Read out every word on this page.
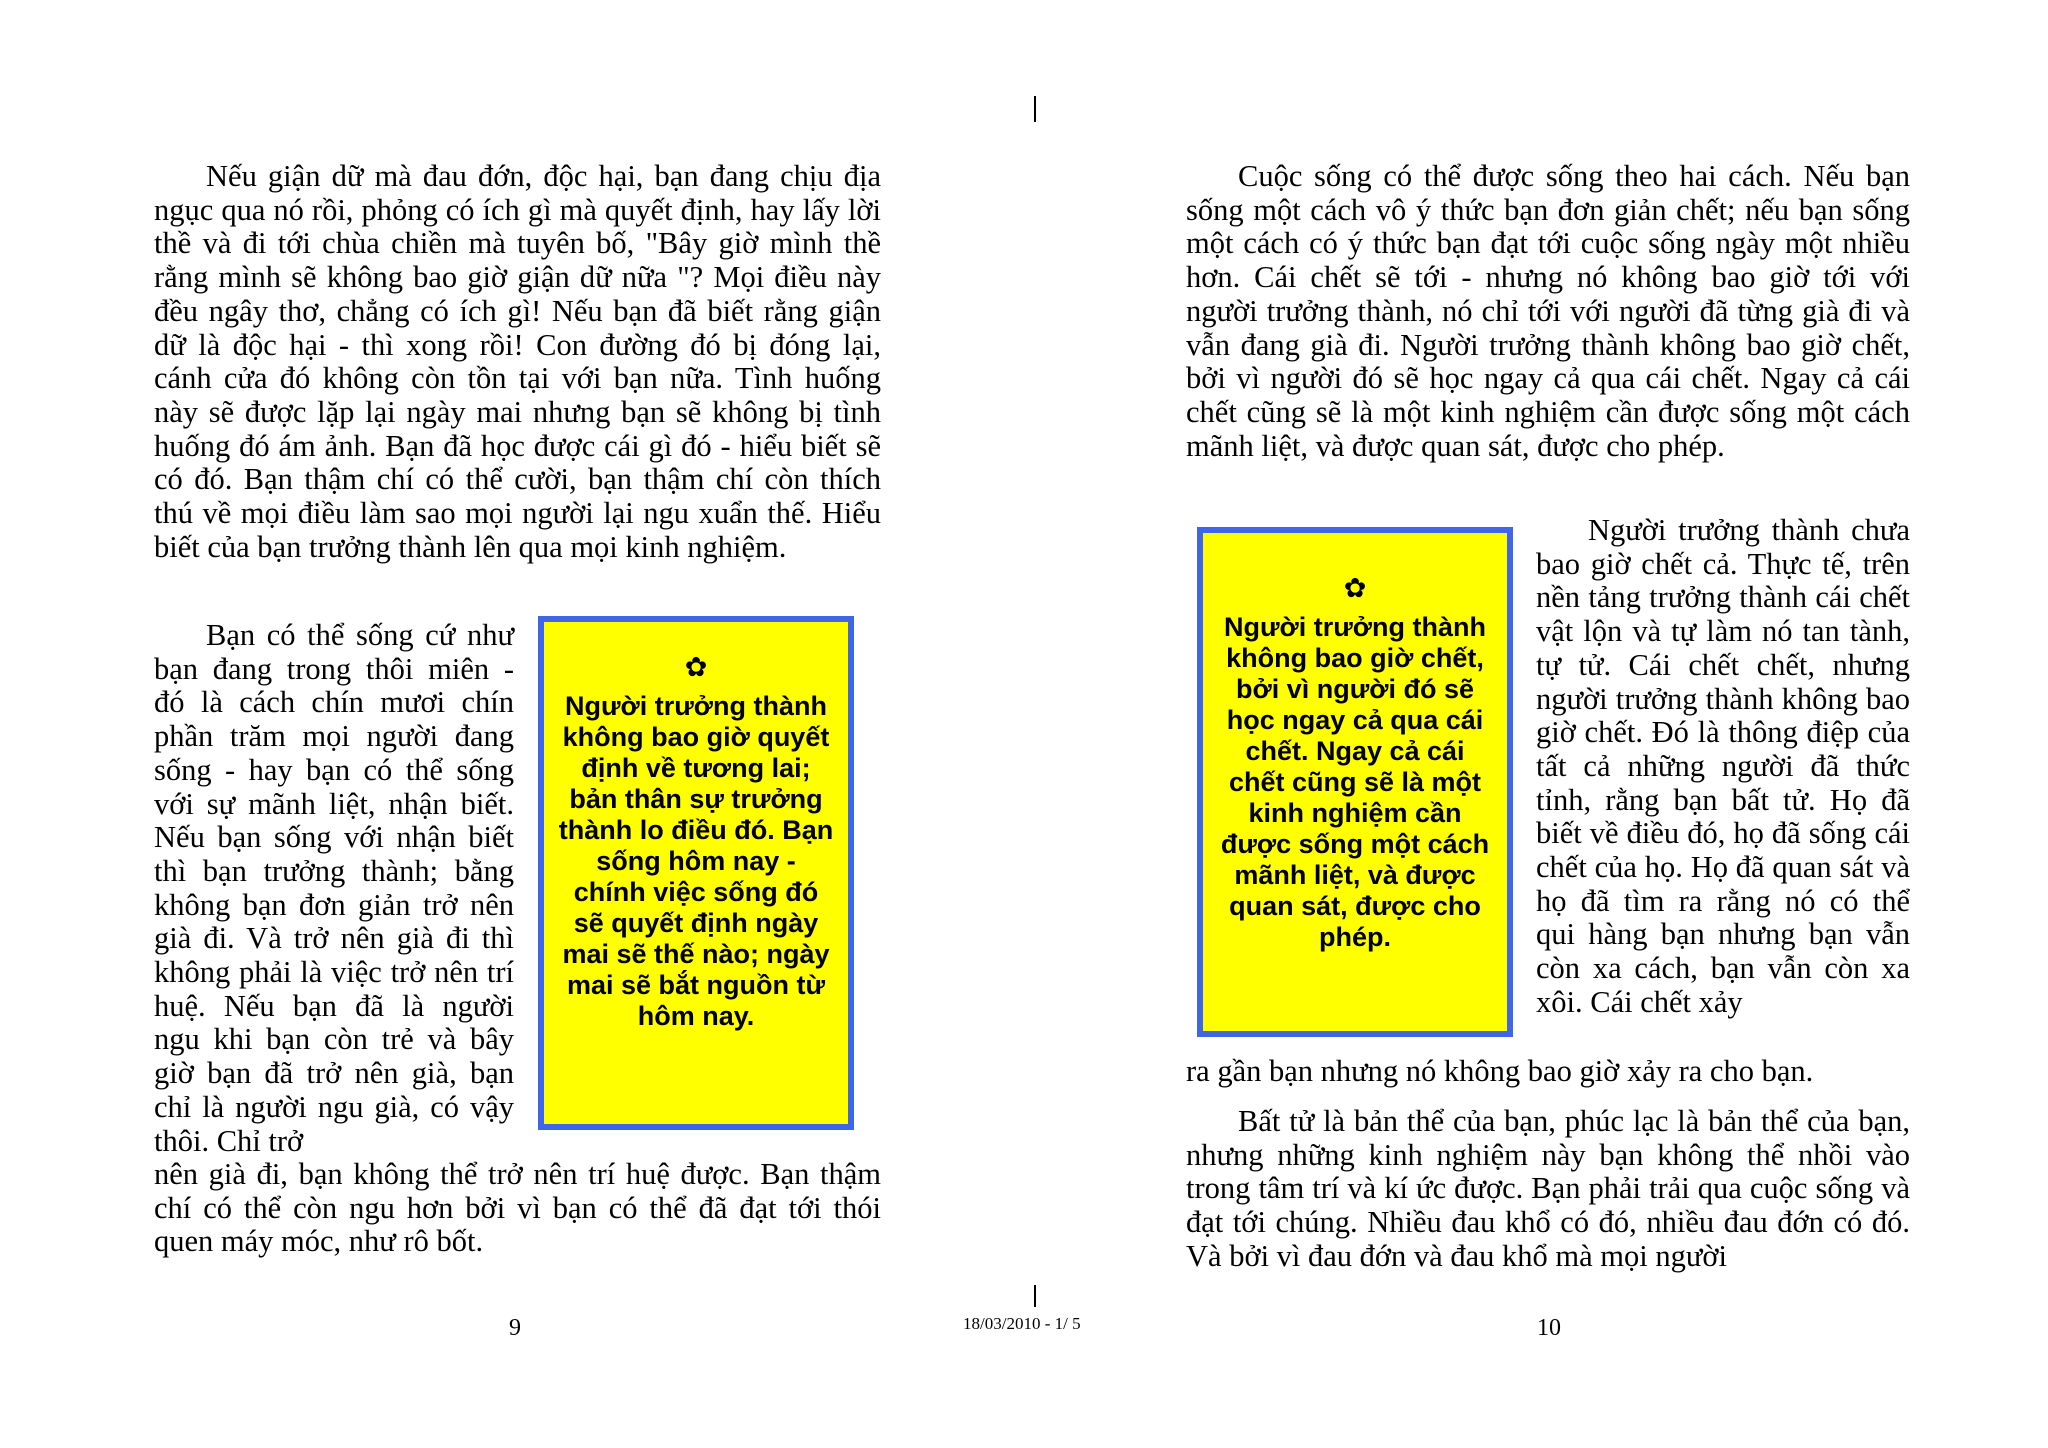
Nếu giận dữ mà đau đớn, độc hại, bạn đang chịu địa ngục qua nó rồi, phỏng có ích gì mà quyết định, hay lấy lời thề và đi tới chùa chiền mà tuyên bố, "Bây giờ mình thề rằng mình sẽ không bao giờ giận dữ nữa "? Mọi điều này đều ngây thơ, chẳng có ích gì! Nếu bạn đã biết rằng giận dữ là độc hại - thì xong rồi! Con đường đó bị đóng lại, cánh cửa đó không còn tồn tại với bạn nữa. Tình huống này sẽ được lặp lại ngày mai nhưng bạn sẽ không bị tình huống đó ám ảnh. Bạn đã học được cái gì đó - hiểu biết sẽ có đó. Bạn thậm chí có thể cười, bạn thậm chí còn thích thú về mọi điều làm sao mọi người lại ngu xuẩn thế. Hiểu biết của bạn trưởng thành lên qua mọi kinh nghiệm.

Bạn có thể sống cứ như bạn đang trong thôi miên - đó là cách chín mươi chín phần trăm mọi người đang sống - hay bạn có thể sống với sự mãnh liệt, nhận biết. Nếu bạn sống với nhận biết thì bạn trưởng thành; bằng không bạn đơn giản trở nên già đi. Và trở nên già đi thì không phải là việc trở nên trí huệ. Nếu bạn đã là người ngu khi bạn còn trẻ và bây giờ bạn đã trở nên già, bạn chỉ là người ngu già, có vậy thôi. Chỉ trở

nên già đi, bạn không thể trở nên trí huệ được. Bạn thậm chí có thể còn ngu hơn bởi vì bạn có thể đã đạt tới thói quen máy móc, như rô bốt.

✿
Người trưởng thành không bao giờ quyết định về tương lai; bản thân sự trưởng thành lo điều đó. Bạn sống hôm nay - chính việc sống đó sẽ quyết định ngày mai sẽ thế nào; ngày mai sẽ bắt nguồn từ hôm nay.
9

Cuộc sống có thể được sống theo hai cách. Nếu bạn sống một cách vô ý thức bạn đơn giản chết; nếu bạn sống một cách có ý thức bạn đạt tới cuộc sống ngày một nhiều hơn. Cái chết sẽ tới - nhưng nó không bao giờ tới với người trưởng thành, nó chỉ tới với người đã từng già đi và vẫn đang già đi. Người trưởng thành không bao giờ chết, bởi vì người đó sẽ học ngay cả qua cái chết. Ngay cả cái chết cũng sẽ là một kinh nghiệm cần được sống một cách mãnh liệt, và được quan sát, được cho phép.

✿
Người trưởng thành không bao giờ chết, bởi vì người đó sẽ học ngay cả qua cái chết. Ngay cả cái chết cũng sẽ là một kinh nghiệm cần được sống một cách mãnh liệt, và được quan sát, được cho phép.

Người trưởng thành chưa bao giờ chết cả. Thực tế, trên nền tảng trưởng thành cái chết vật lộn và tự làm nó tan tành, tự tử. Cái chết chết, nhưng người trưởng thành không bao giờ chết. Đó là thông điệp của tất cả những người đã thức tỉnh, rằng bạn bất tử. Họ đã biết về điều đó, họ đã sống cái chết của họ. Họ đã quan sát và họ đã tìm ra rằng nó có thể qui hàng bạn nhưng bạn vẫn còn xa cách, bạn vẫn còn xa xôi. Cái chết xảy

ra gần bạn nhưng nó không bao giờ xảy ra cho bạn.

Bất tử là bản thể của bạn, phúc lạc là bản thể của bạn, nhưng những kinh nghiệm này bạn không thể nhồi vào trong tâm trí và kí ức được. Bạn phải trải qua cuộc sống và đạt tới chúng. Nhiều đau khổ có đó, nhiều đau đớn có đó. Và bởi vì đau đớn và đau khổ mà mọi người

10
18/03/2010 - 1/ 5
